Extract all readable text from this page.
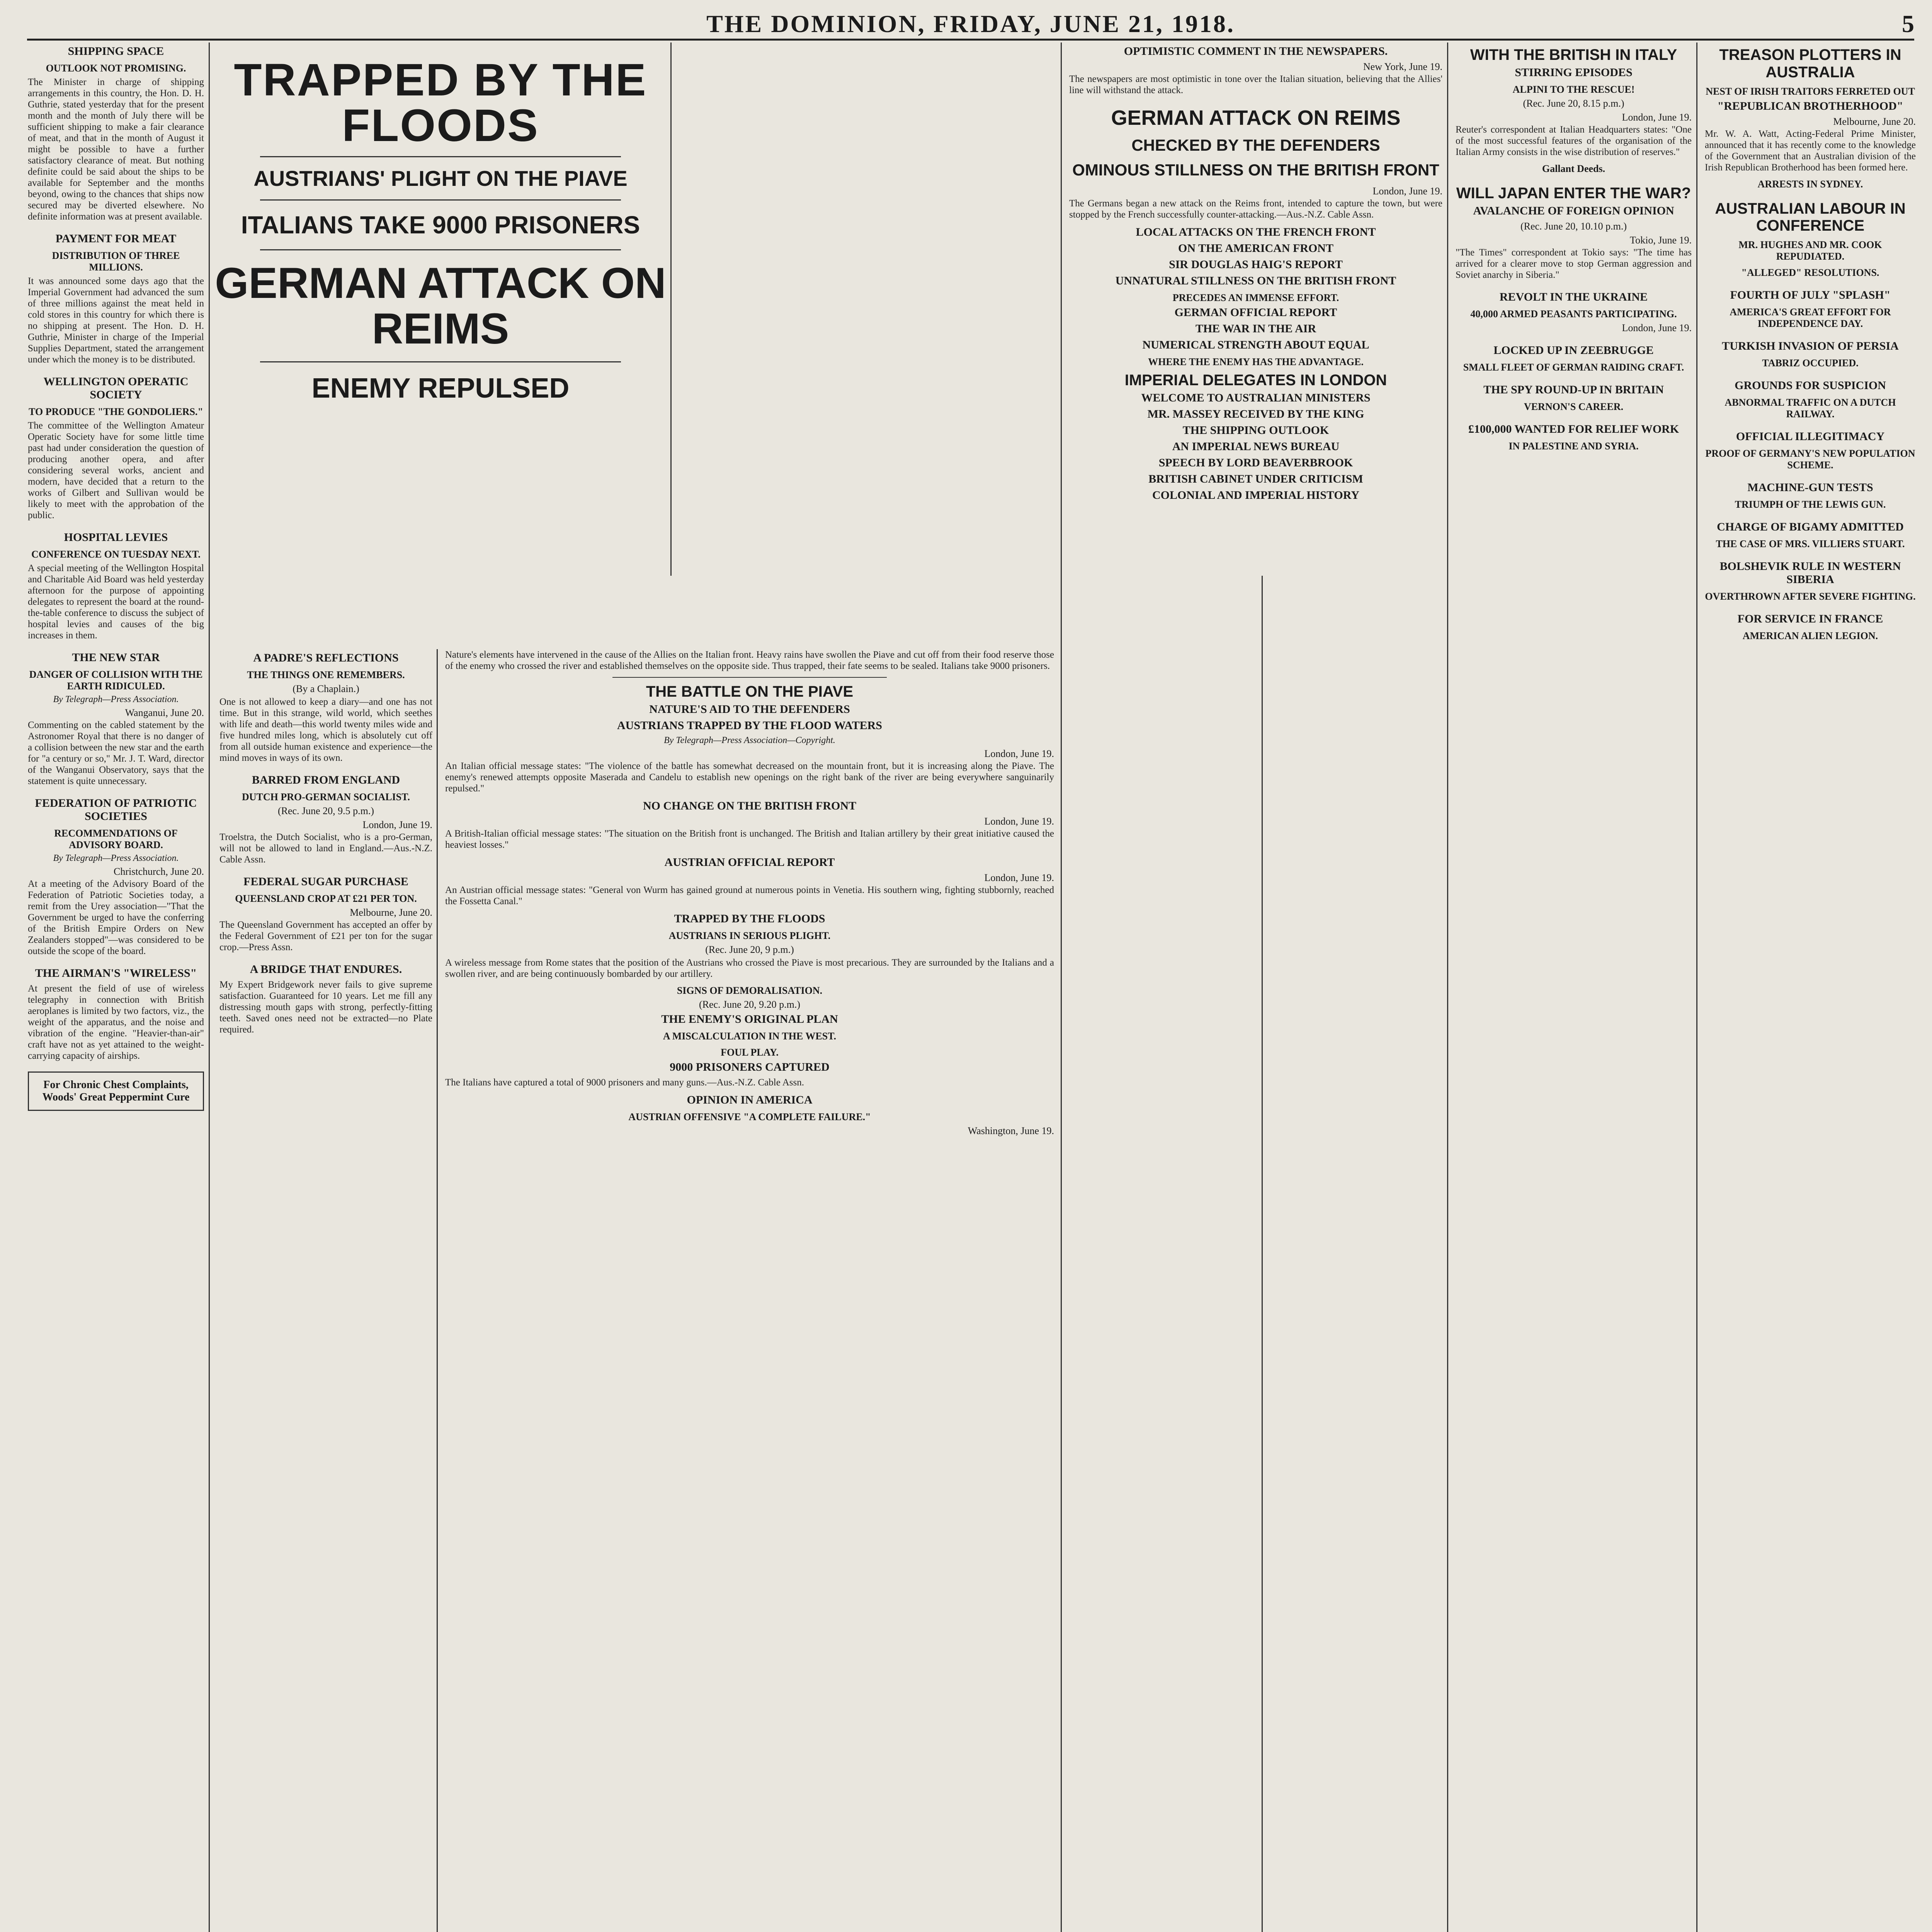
THE DOMINION, FRIDAY, JUNE 21, 1918.	5
SHIPPING SPACE
OUTLOOK NOT PROMISING.
The Minister in charge of shipping arrangements in this country, the Hon. D. H. Guthrie, stated yesterday that for the present month and the month of July there will be sufficient shipping to make a fair clearance of meat, and that in the month of August it might be possible to have a further satisfactory clearance of meat. But nothing definite could be said about the ships to be available for September and the months beyond, owing to the chances that ships now secured may be diverted elsewhere. No definite information was at present available.
PAYMENT FOR MEAT
DISTRIBUTION OF THREE MILLIONS.
It was announced some days ago that the Imperial Government had advanced the sum of three millions against the meat held in cold stores in this country for which there is no shipping at present. The Hon. D. H. Guthrie, Minister in charge of the Imperial Supplies Department, stated the arrangement under which the money is to be distributed.
WELLINGTON OPERATIC SOCIETY
TO PRODUCE "THE GONDOLIERS."
The committee of the Wellington Amateur Operatic Society have for some little time past had under consideration the question of producing another opera, and after considering several works, ancient and modern, have decided that a return to the works of Gilbert and Sullivan would be likely to meet with the approbation of the public.
HOSPITAL LEVIES
CONFERENCE ON TUESDAY NEXT.
A special meeting of the Wellington Hospital and Charitable Aid Board was held yesterday afternoon for the purpose of appointing delegates to represent the board at the round-the-table conference to discuss the subject of hospital levies and causes of the big increases in them.
THE NEW STAR
DANGER OF COLLISION WITH THE EARTH RIDICULED.
By Telegraph—Press Association.
Wanganui, June 20.
Commenting on the cabled statement by the Astronomer Royal that there is no danger of a collision between the new star and the earth for "a century or so," Mr. J. T. Ward, director of the Wanganui Observatory, says that the statement is quite unnecessary.
FEDERATION OF PATRIOTIC SOCIETIES
RECOMMENDATIONS OF ADVISORY BOARD.
By Telegraph—Press Association.
Christchurch, June 20.
At a meeting of the Advisory Board of the Federation of Patriotic Societies today, a remit from the Urey association—"That the Government be urged to have the conferring of the British Empire Orders on New Zealanders stopped"—was considered to be outside the scope of the board.
THE AIRMAN'S "WIRELESS"
At present the field of use of wireless telegraphy in connection with British aeroplanes is limited by two factors, viz., the weight of the apparatus, and the noise and vibration of the engine. "Heavier-than-air" craft have not as yet attained to the weight-carrying capacity of airships.
For Chronic Chest Complaints, Woods' Great Peppermint Cure
A PADRE'S REFLECTIONS
THE THINGS ONE REMEMBERS.
(By a Chaplain.)
One is not allowed to keep a diary—and one has not time. But in this strange, wild world, which seethes with life and death—this world twenty miles wide and five hundred miles long, which is absolutely cut off from all outside human existence and experience—the mind moves in ways of its own.
BARRED FROM ENGLAND
DUTCH PRO-GERMAN SOCIALIST.
(Rec. June 20, 9.5 p.m.)
London, June 19.
Troelstra, the Dutch Socialist, who is a pro-German, will not be allowed to land in England.—Aus.-N.Z. Cable Assn.
FEDERAL SUGAR PURCHASE
QUEENSLAND CROP AT £21 PER TON.
Melbourne, June 20.
The Queensland Government has accepted an offer by the Federal Government of £21 per ton for the sugar crop.—Press Assn.
A BRIDGE THAT ENDURES.
My Expert Bridgework never fails to give supreme satisfaction. Guaranteed for 10 years. Let me fill any distressing mouth gaps with strong, perfectly-fitting teeth. Saved ones need not be extracted—no Plate required.
TRAPPED BY THE FLOODS
AUSTRIANS' PLIGHT ON THE PIAVE
ITALIANS TAKE 9000 PRISONERS
GERMAN ATTACK ON REIMS
ENEMY REPULSED
Nature's elements have intervened in the cause of the Allies on the Italian front. Heavy rains have swollen the Piave and cut off from their food reserve those of the enemy who crossed the river and established themselves on the opposite side. Thus trapped, their fate seems to be sealed. Italians take 9000 prisoners.
THE BATTLE ON THE PIAVE
NATURE'S AID TO THE DEFENDERS
AUSTRIANS TRAPPED BY THE FLOOD WATERS
By Telegraph—Press Association—Copyright.
London, June 19.
An Italian official message states: "The violence of the battle has somewhat decreased on the mountain front, but it is increasing along the Piave. The enemy's renewed attempts opposite Maserada and Candelu to establish new openings on the right bank of the river are being everywhere sanguinarily repulsed."
NO CHANGE ON THE BRITISH FRONT
London, June 19.
A British-Italian official message states: "The situation on the British front is unchanged. The British and Italian artillery by their great initiative caused the heaviest losses."
AUSTRIAN OFFICIAL REPORT
London, June 19.
An Austrian official message states: "General von Wurm has gained ground at numerous points in Venetia. His southern wing, fighting stubbornly, reached the Fossetta Canal."
TRAPPED BY THE FLOODS
AUSTRIANS IN SERIOUS PLIGHT.
(Rec. June 20, 9 p.m.)
A wireless message from Rome states that the position of the Austrians who crossed the Piave is most precarious. They are surrounded by the Italians and a swollen river, and are being continuously bombarded by our artillery.
SIGNS OF DEMORALISATION.
(Rec. June 20, 9.20 p.m.)
THE ENEMY'S ORIGINAL PLAN
A MISCALCULATION IN THE WEST.
FOUL PLAY.
9000 PRISONERS CAPTURED
The Italians have captured a total of 9000 prisoners and many guns.—Aus.-N.Z. Cable Assn.
OPINION IN AMERICA
AUSTRIAN OFFENSIVE "A COMPLETE FAILURE."
Washington, June 19.
OPTIMISTIC COMMENT IN THE NEWSPAPERS.
New York, June 19.
The newspapers are most optimistic in tone over the Italian situation, believing that the Allies' line will withstand the attack.
GERMAN ATTACK ON REIMS
CHECKED BY THE DEFENDERS
OMINOUS STILLNESS ON THE BRITISH FRONT
London, June 19.
The Germans began a new attack on the Reims front, intended to capture the town, but were stopped by the French successfully counter-attacking.—Aus.-N.Z. Cable Assn.
LOCAL ATTACKS ON THE FRENCH FRONT
ON THE AMERICAN FRONT
SIR DOUGLAS HAIG'S REPORT
UNNATURAL STILLNESS ON THE BRITISH FRONT
PRECEDES AN IMMENSE EFFORT.
GERMAN OFFICIAL REPORT
THE WAR IN THE AIR
NUMERICAL STRENGTH ABOUT EQUAL
WHERE THE ENEMY HAS THE ADVANTAGE.
IMPERIAL DELEGATES IN LONDON
WELCOME TO AUSTRALIAN MINISTERS
MR. MASSEY RECEIVED BY THE KING
THE SHIPPING OUTLOOK
AN IMPERIAL NEWS BUREAU
SPEECH BY LORD BEAVERBROOK
BRITISH CABINET UNDER CRITICISM
COLONIAL AND IMPERIAL HISTORY
WITH THE BRITISH IN ITALY
STIRRING EPISODES
ALPINI TO THE RESCUE!
(Rec. June 20, 8.15 p.m.)
London, June 19.
Reuter's correspondent at Italian Headquarters states: "One of the most successful features of the organisation of the Italian Army consists in the wise distribution of reserves."
Gallant Deeds.
WILL JAPAN ENTER THE WAR?
AVALANCHE OF FOREIGN OPINION
(Rec. June 20, 10.10 p.m.)
Tokio, June 19.
"The Times" correspondent at Tokio says: "The time has arrived for a clearer move to stop German aggression and Soviet anarchy in Siberia."
REVOLT IN THE UKRAINE
40,000 ARMED PEASANTS PARTICIPATING.
London, June 19.
LOCKED UP IN ZEEBRUGGE
SMALL FLEET OF GERMAN RAIDING CRAFT.
THE SPY ROUND-UP IN BRITAIN
VERNON'S CAREER.
£100,000 WANTED FOR RELIEF WORK
IN PALESTINE AND SYRIA.
TREASON PLOTTERS IN AUSTRALIA
NEST OF IRISH TRAITORS FERRETED OUT
"REPUBLICAN BROTHERHOOD"
Melbourne, June 20.
Mr. W. A. Watt, Acting-Federal Prime Minister, announced that it has recently come to the knowledge of the Government that an Australian division of the Irish Republican Brotherhood has been formed here.
ARRESTS IN SYDNEY.
AUSTRALIAN LABOUR IN CONFERENCE
MR. HUGHES AND MR. COOK REPUDIATED.
"ALLEGED" RESOLUTIONS.
FOURTH OF JULY "SPLASH"
AMERICA'S GREAT EFFORT FOR INDEPENDENCE DAY.
TURKISH INVASION OF PERSIA
TABRIZ OCCUPIED.
GROUNDS FOR SUSPICION
ABNORMAL TRAFFIC ON A DUTCH RAILWAY.
OFFICIAL ILLEGITIMACY
PROOF OF GERMANY'S NEW POPULATION SCHEME.
MACHINE-GUN TESTS
TRIUMPH OF THE LEWIS GUN.
CHARGE OF BIGAMY ADMITTED
THE CASE OF MRS. VILLIERS STUART.
BOLSHEVIK RULE IN WESTERN SIBERIA
OVERTHROWN AFTER SEVERE FIGHTING.
FOR SERVICE IN FRANCE
AMERICAN ALIEN LEGION.
